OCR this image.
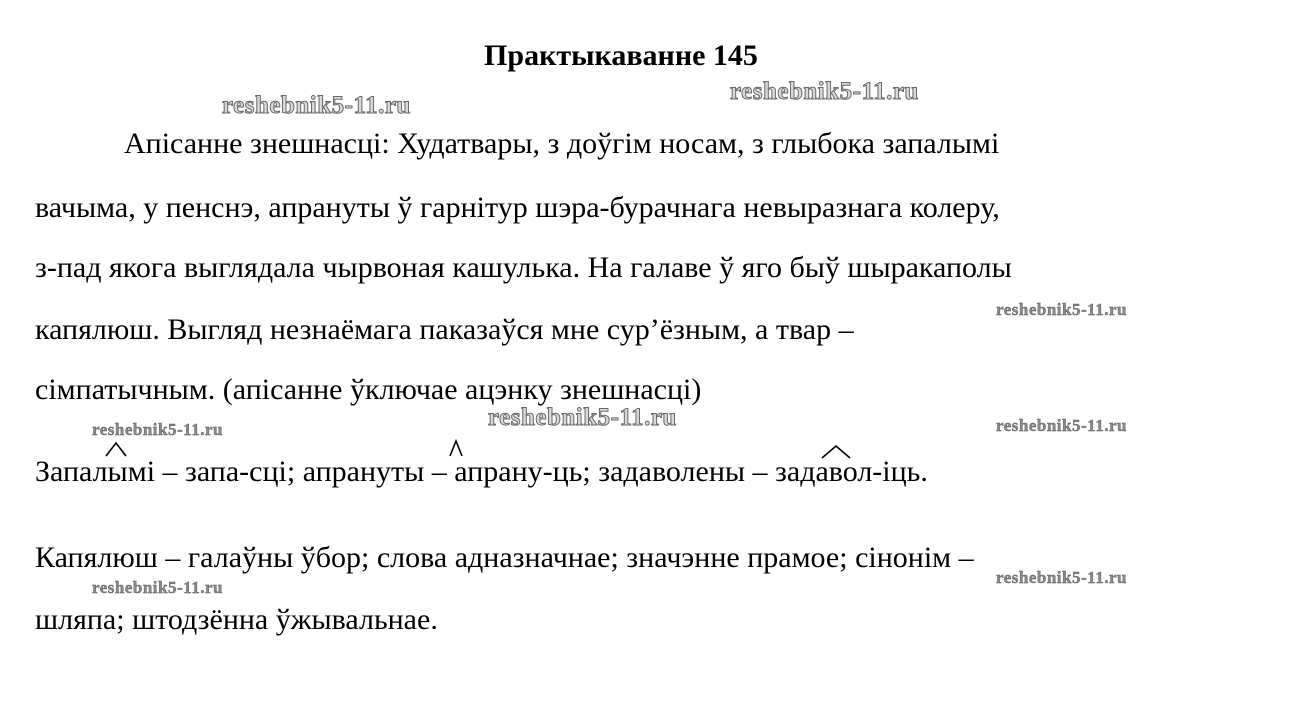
Практыкаванне 145
reshebnik5-11.ru
reshebnik5-11.ru
reshebnik5-11.ru
reshebnik5-11.ru	reshebnik5-11.ru	reshebnik5-11.ru
reshebnik5-11.ru
reshebnik5-11.ru
Апісанне знешнасці: Худатвары, з доўгім носам, з глыбока запалымі
вачыма, у пенснэ, апрануты ў гарнітур шэра-бурачнага невыразнага колеру,
з-пад якога выглядала чырвоная кашулька. На галаве ў яго быў шыракаполы
капялюш. Выгляд незнаёмага паказаўся мне сур’ёзным, а твар –
сімпатычным. (апісанне ўключае ацэнку знешнасці)
Запалымі – запа-сці; апрануты – апрану-ць; задаволены – задавол-іць.
Капялюш – галаўны ўбор; слова адназначнае; значэнне прамое; сінонім –
шляпа; штодзённа ўжывальнае.
